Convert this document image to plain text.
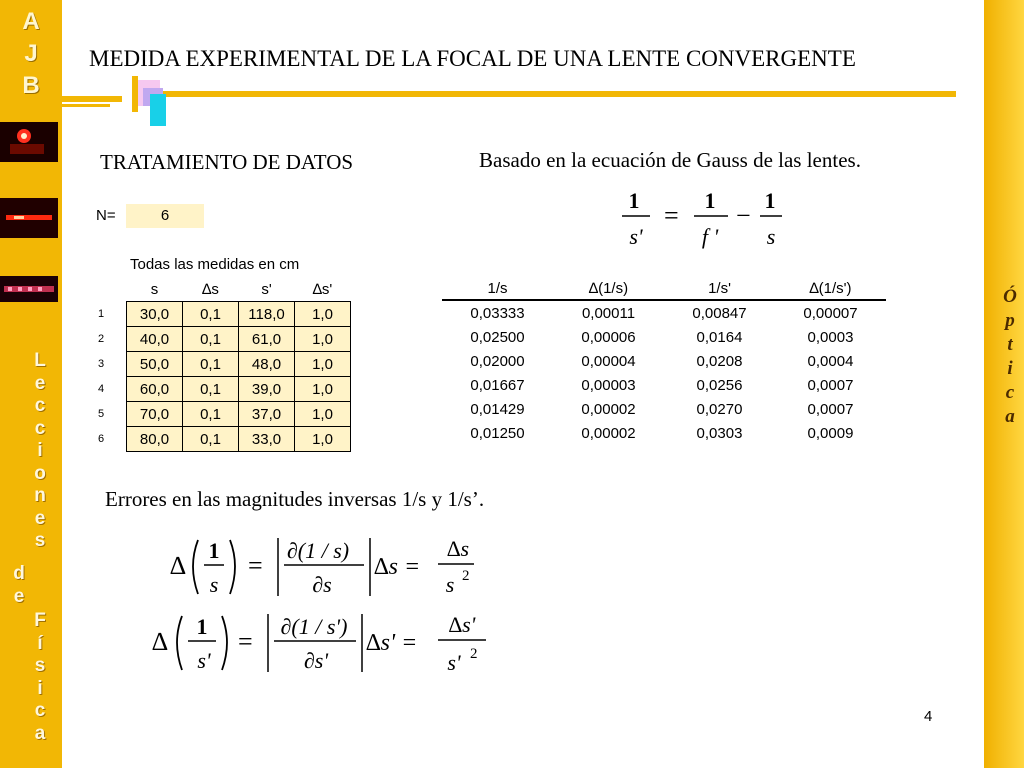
A
J
B
L
e
c
c
i
o
n
e
s
d
e
F
í
s
i
c
a
Ó
p
t
i
c
a
MEDIDA EXPERIMENTAL DE LA FOCAL DE UNA LENTE CONVERGENTE
TRATAMIENTO DE DATOS	Basado en la ecuación de Gauss de las lentes.
1
s'
=
1
f '
−
1
s
N=	6
Todas las medidas en cm
	s	∆s	s'	∆s'
1	30,0	0,1	118,0	1,0
2	40,0	0,1	61,0	1,0
3	50,0	0,1	48,0	1,0
4	60,0	0,1	39,0	1,0
5	70,0	0,1	37,0	1,0
6	80,0	0,1	33,0	1,0
1/s	∆(1/s)	1/s'	∆(1/s')
0,03333	0,00011	0,00847	0,00007
0,02500	0,00006	0,0164	0,0003
0,02000	0,00004	0,0208	0,0004
0,01667	0,00003	0,0256	0,0007
0,01429	0,00002	0,0270	0,0007
0,01250	0,00002	0,0303	0,0009
Errores en las magnitudes inversas 1/s y 1/s’.
∆
1
s
=
∂(1 / s)
∂s
∆s =
∆s
s 2
∆
1
s'
=
∂(1 / s')
∂s'
∆s' =
∆s'
s' 2
4
